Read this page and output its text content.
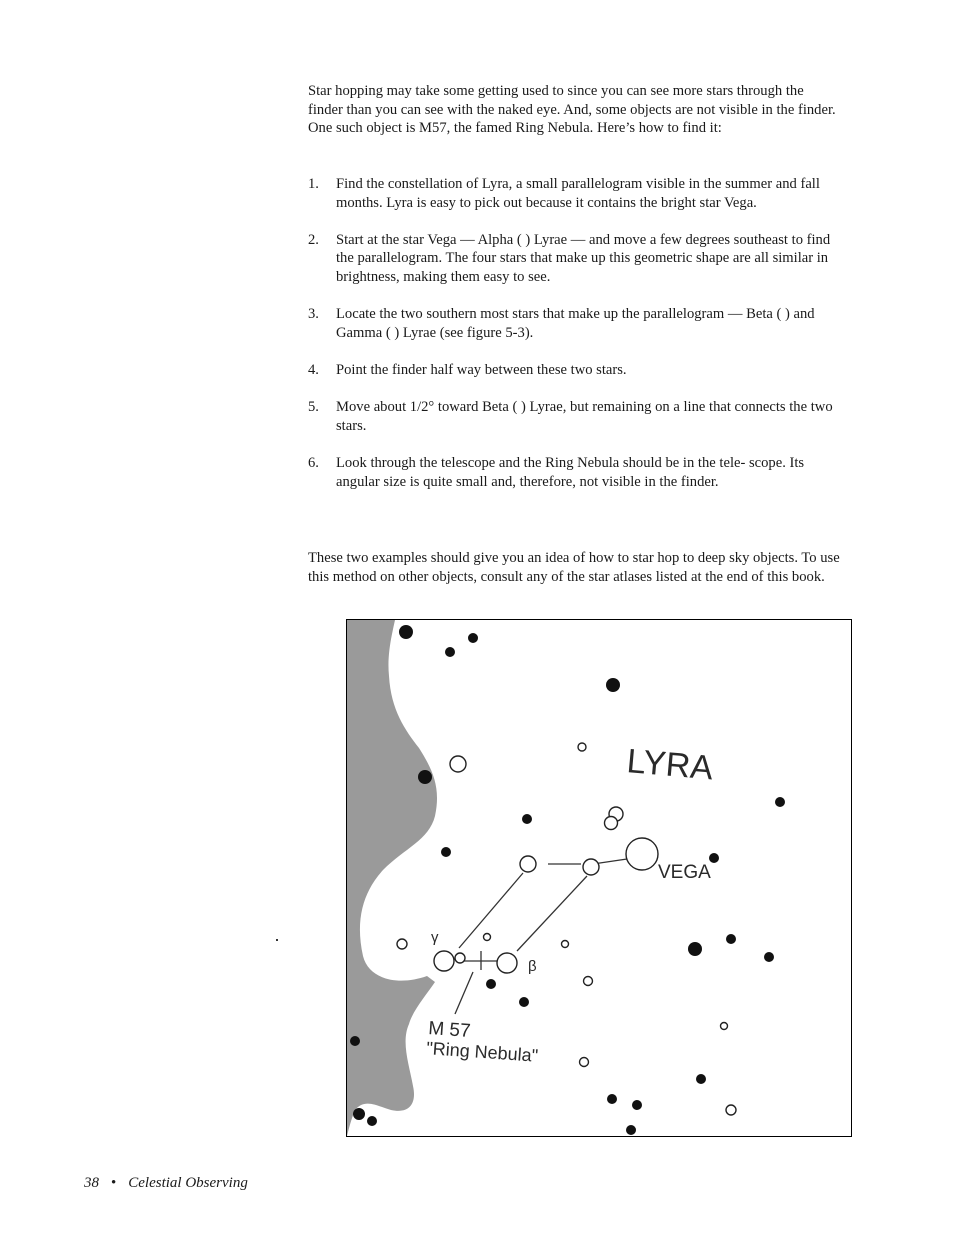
Star hopping may take some getting used to since you can see more stars through the finder than you can see with the naked eye. And, some objects are not visible in the finder. One such object is M57, the famed Ring Nebula. Here’s how to find it:
1. Find the constellation of Lyra, a small parallelogram visible in the summer and fall months. Lyra is easy to pick out because it contains the bright star Vega.
2. Start at the star Vega — Alpha ( ) Lyrae — and move a few degrees southeast to find the parallelogram. The four stars that make up this geometric shape are all similar in brightness, making them easy to see.
3. Locate the two southern most stars that make up the parallelogram — Beta ( ) and Gamma ( ) Lyrae (see figure 5-3).
4. Point the finder half way between these two stars.
5. Move about 1/2° toward Beta ( ) Lyrae, but remaining on a line that connects the two stars.
6. Look through the telescope and the Ring Nebula should be in the tele- scope. Its angular size is quite small and, therefore, not visible in the finder.
These two examples should give you an idea of how to star hop to deep sky objects. To use this method on other objects, consult any of the star atlases listed at the end of this book.
LYRA
VEGA
γ
β
M 57
"Ring Nebula"
38 • Celestial Observing
